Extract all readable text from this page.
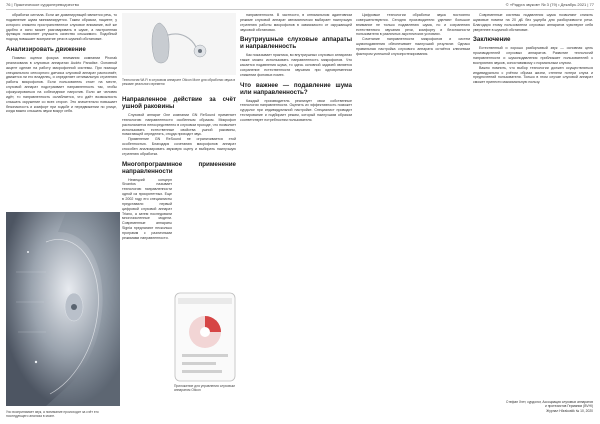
76 | Практическое сурдопереводчество	© «Радуга звуков» № 3 (79) • Декабрь 2021 | 77

обработки сигнала. Если же доминирующей является речь, то подавление шума минимизируется. Таким образом, пациент, у которого снижено пространственное слуховое внимание, всё же удобно и ясно может разговаривать в шуме, а настроенная функция позволяет улучшить качество слышимого. Подобный подход повышает восприятие речи в шумной обстановке.

Анализировать движение

Помимо оценки фокуса внимания компании Phonak реализовала в слуховых аппаратах Audéo Paradise. Основной акцент сделан на работу микрофонной системы. При помощи специального сенсорного датчика слуховой аппарат распознаёт, движется ли его владелец, и определяет оптимальную стратегию работы микрофонов. Если пользователь стоит на месте, слуховой аппарат подстраивает направленность так, чтобы сфокусироваться на собеседнике напротив. Если же человек идёт, то направленность ослабляется, что даёт возможность слышать окружение со всех сторон. Это значительно повышает безопасность и комфорт при ходьбе и передвижении по улице, когда важно слышать звуки вокруг себя.

Ухо воспринимает звук, а понимание происходит за счёт его последующего анализа в мозге.
Технология Wi-Fi в слуховом аппарате Oticon More для обработки звука в режиме реального времени
Направленное действие за счёт ушной раковины

Слуховой аппарат One компании GN ReSound применяет технологию направленности особенным образом. Микрофон располагается непосредственно в слуховом проходе, что позволяет использовать естественные свойства ушной раковины, помогающей определять, откуда приходит звук.

Применение GN ReSound не ограничивается этой особенностью. Благодаря сочетанию микрофонов аппарат способен анализировать звуковую сцену и выбирать наилучшую стратегию обработки.

Многопрограммное применение направленности

Немецкий концерн Sivantos называет технологию направленности одной из приоритетных. Еще в 2002 году его специалисты представили первый цифровой слуховой аппарат Triano, а затем последовали многочисленные модели. Современные аппараты Signia предлагают несколько программ с различными режимами направленности.

Приложение для управления слуховым аппаратом Oticon

направленности. В частности, в оптимальном адаптивном режиме слуховой аппарат автоматически выбирает наилучшую стратегию работы микрофонов в зависимости от окружающей звуковой обстановки.

Внутриушные слуховые аппараты и направленность

Как показывает практика, во внутриушных слуховых аппаратах также можно использовать направленность микрофонов. Что касается подавления шума, то здесь основной задачей является сохранение естественности звучания при одновременном снижении фоновых помех.

Что важнее — подавление шума или направленность?

Каждый производитель реализует свои собственные технологии направленности. Оценить их эффективность поможет сурдолог при индивидуальной настройке. Специалист проводит тестирование и подбирает режим, который наилучшим образом соответствует потребностям пользователя.

Цифровые технологии обработки звука постоянно совершенствуются. Сегодня производители уделяют большое внимание не только подавлению шума, но и сохранению естественного звучания речи, комфорту и безопасности пользователя в различных акустических условиях.

Сочетание направленности микрофонов и систем шумоподавления обеспечивает наилучший результат. Однако правильная настройка слухового аппарата остаётся ключевым фактором успешной слухопротезирования.

Современные системы подавления шума позволяют снизить шумовые помехи на 20 дБ без ущерба для разборчивости речи. Благодаря этому пользователи слуховых аппаратов чувствуют себя увереннее в шумной обстановке.

Заключение

Естественный и хорошо разборчивый звук — основная цель производителей слуховых аппаратов. Развитие технологий направленности и шумоподавления приближает пользователей к восприятию звуков, сопоставимому с нормальным слухом.

Важно помнить, что выбор технологии должен осуществляться индивидуально с учётом образа жизни, степени потери слуха и предпочтений пользователя. Только в этом случае слуховой аппарат сможет принести максимальную пользу.

Стефан Хэтт, сурдолог, Ассоциация слуховых аппаратов
и протезистов Германии (BVHI)
Журнал Hörakustik № 10, 2020
